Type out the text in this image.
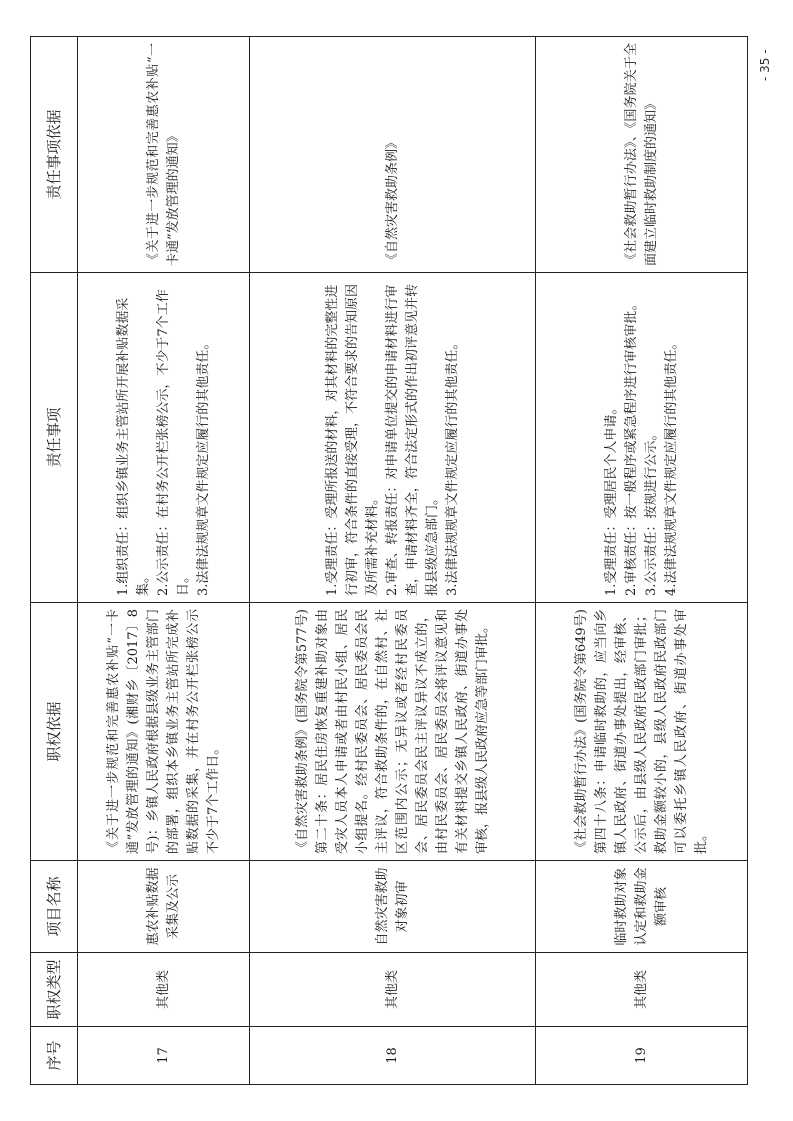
序号	职权类型	项目名称	职权依据	责任事项	责任事项依据
17	其他类	惠农补贴数据采集及公示	《关于进一步规范和完善惠农补贴“一卡通”发放管理的通知》(湘财乡〔2017〕8号)：乡镇人民政府根据县级业务主管部门的部署，组织本乡镇业务主管站所完成补贴数据的采集，并在村务公开栏张榜公示不少于7个工作日。	1.组织责任：组织乡镇业务主管站所开展补贴数据采集。 2.公示责任：在村务公开栏张榜公示，不少于7个工作日。 3.法律法规规章文件规定应履行的其他责任。	《关于进一步规范和完善惠农补贴“一卡通”发放管理的通知》
18	其他类	自然灾害救助对象初审	《自然灾害救助条例》(国务院令第577号)第二十条：居民住房恢复重建补助对象由受灾人员本人申请或者由村民小组、居民小组提名。经村民委员会、居民委员会民主评议，符合救助条件的，在自然村、社区范围内公示；无异议或者经村民委员会、居民委员会民主评议异议不成立的，由村民委员会、居民委员会将评议意见和有关材料提交乡镇人民政府、街道办事处审核，报县级人民政府应急等部门审批。	1.受理责任：受理所报送的材料，对其材料的完整性进行初审，符合条件的直接受理，不符合要求的告知原因及所需补充材料。 2.审查、转报责任：对申请单位提交的申请材料进行审查，申请材料齐全，符合法定形式的作出初评意见并转报县级应急部门。 3.法律法规规章文件规定应履行的其他责任。	《自然灾害救助条例》
19	其他类	临时救助对象认定和救助金额审核	《社会救助暂行办法》(国务院令第649号)第四十八条：申请临时救助的，应当向乡镇人民政府、街道办事处提出，经审核、公示后，由县级人民政府民政部门审批；救助金额较小的，县级人民政府民政部门可以委托乡镇人民政府、街道办事处审批。	1.受理责任：受理居民个人申请。 2.审核责任：按一般程序或紧急程序进行审核审批。 3.公示责任：按规进行公示。 4.法律法规规章文件规定应履行的其他责任。	《社会救助暂行办法》、《国务院关于全面建立临时救助制度的通知》
- 35 -
